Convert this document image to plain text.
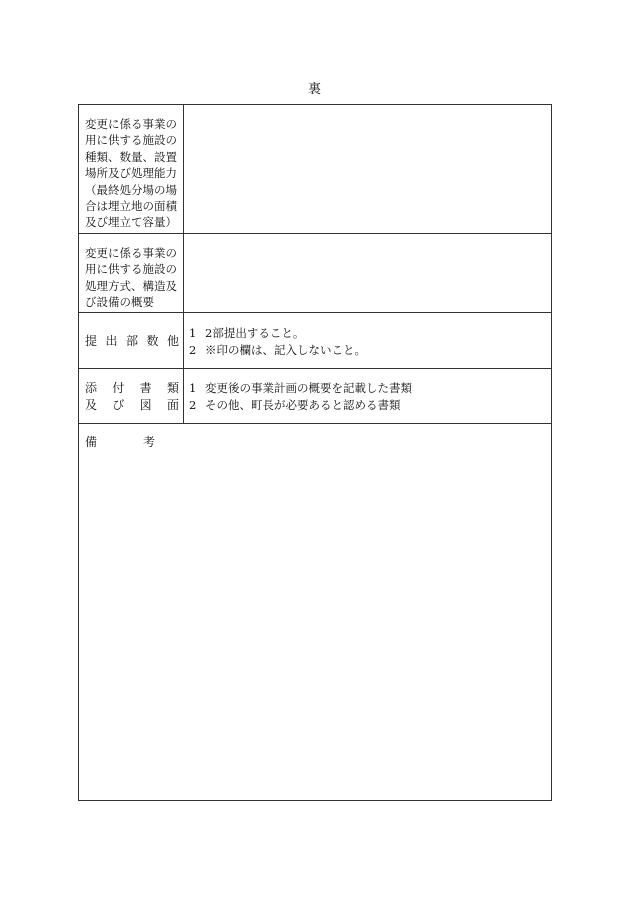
裏
変更に係る事業の
用に供する施設の
種類、数量、設置
場所及び処理能力
（最終処分場の場
合は埋立地の面積
及び埋立て容量）
変更に係る事業の
用に供する施設の
処理方式、構造及
び設備の概要
提出部数他
1 2部提出すること。
2 ※印の欄は、記入しないこと。
添付書類
及び図面
1 変更後の事業計画の概要を記載した書類
2 その他、町長が必要あると認める書類
備考
